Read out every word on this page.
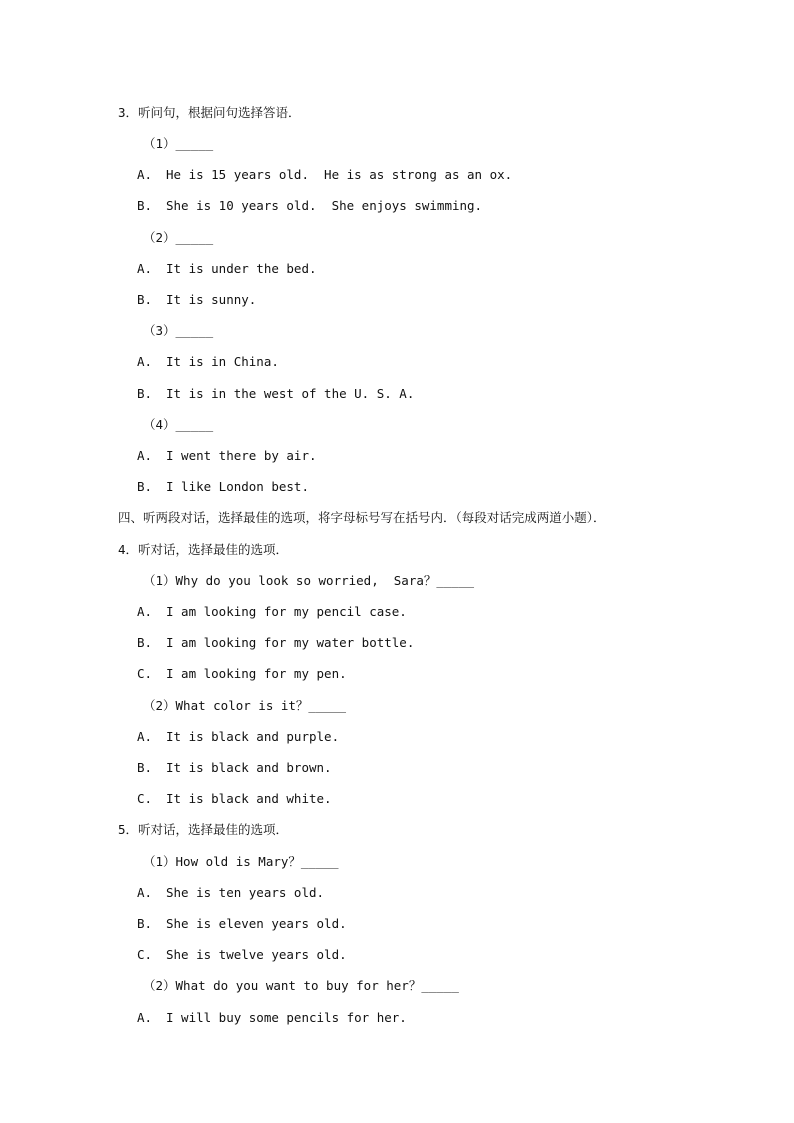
3．听问句，根据问句选择答语．
（1）_____
A. He is 15 years old.  He is as strong as an ox.
B. She is 10 years old.  She enjoys swimming.
（2）_____
A. It is under the bed.
B. It is sunny.
（3）_____
A. It is in China.
B. It is in the west of the U. S. A.
（4）_____
A. I went there by air.
B. I like London best.
四、听两段对话，选择最佳的选项，将字母标号写在括号内．（每段对话完成两道小题）．
4．听对话，选择最佳的选项．
（1）Why do you look so worried,  Sara？_____
A. I am looking for my pencil case.
B. I am looking for my water bottle.
C. I am looking for my pen.
（2）What color is it？_____
A. It is black and purple.
B. It is black and brown.
C. It is black and white.
5．听对话，选择最佳的选项．
（1）How old is Mary？_____
A. She is ten years old.
B. She is eleven years old.
C. She is twelve years old.
（2）What do you want to buy for her？_____
A. I will buy some pencils for her.
